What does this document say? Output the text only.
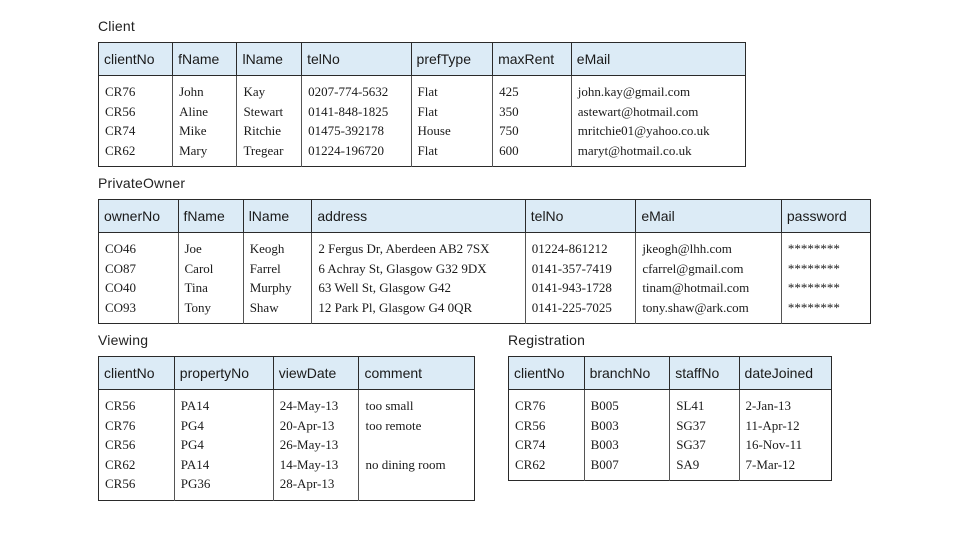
Client
clientNo	fName	lName	telNo	prefType	maxRent	eMail
CR76	John	Kay	0207-774-5632	Flat	425	john.kay@gmail.com
CR56	Aline	Stewart	0141-848-1825	Flat	350	astewart@hotmail.com
CR74	Mike	Ritchie	01475-392178	House	750	mritchie01@yahoo.co.uk
CR62	Mary	Tregear	01224-196720	Flat	600	maryt@hotmail.co.uk
PrivateOwner
ownerNo	fName	lName	address	telNo	eMail	password
CO46	Joe	Keogh	2 Fergus Dr, Aberdeen AB2 7SX	01224-861212	jkeogh@lhh.com	********
CO87	Carol	Farrel	6 Achray St, Glasgow G32 9DX	0141-357-7419	cfarrel@gmail.com	********
CO40	Tina	Murphy	63 Well St, Glasgow G42	0141-943-1728	tinam@hotmail.com	********
CO93	Tony	Shaw	12 Park Pl, Glasgow G4 0QR	0141-225-7025	tony.shaw@ark.com	********
Viewing
clientNo	propertyNo	viewDate	comment
CR56	PA14	24-May-13	too small
CR76	PG4	20-Apr-13	too remote
CR56	PG4	26-May-13	
CR62	PA14	14-May-13	no dining room
CR56	PG36	28-Apr-13	
Registration
clientNo	branchNo	staffNo	dateJoined
CR76	B005	SL41	2-Jan-13
CR56	B003	SG37	11-Apr-12
CR74	B003	SG37	16-Nov-11
CR62	B007	SA9	7-Mar-12
